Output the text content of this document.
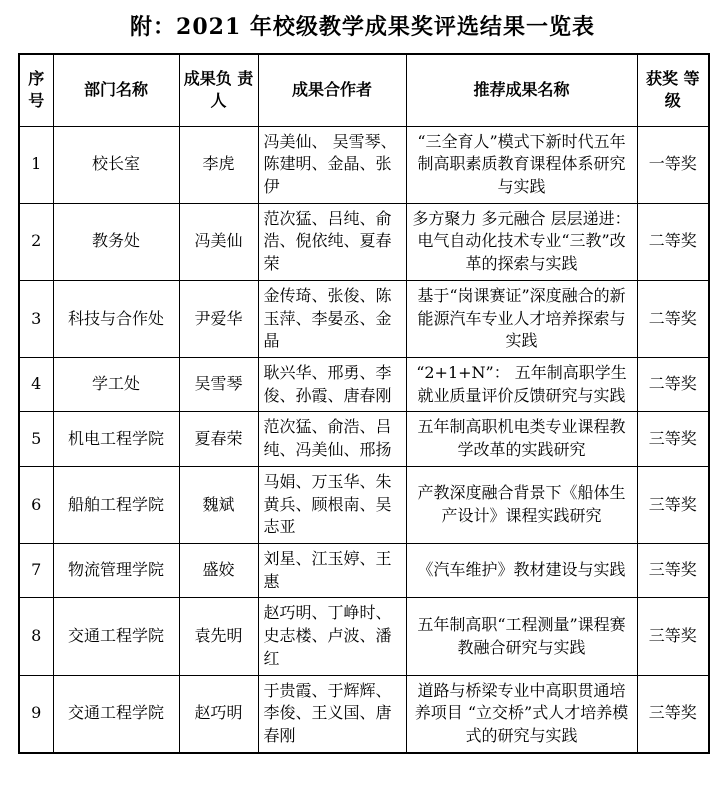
附：2021 年校级教学成果奖评选结果一览表
序号	部门名称	成果负 责人	成果合作者	推荐成果名称	获奖 等级
1	校长室	李虎	冯美仙、 吴雪琴、陈建明、金晶、张伊	“三全育人”模式下新时代五年制高职素质教育课程体系研究与实践	一等奖
2	教务处	冯美仙	范次猛、吕纯、俞浩、倪依纯、夏春荣	多方聚力 多元融合 层层递进：电气自动化技术专业“三教”改革的探索与实践	二等奖
3	科技与合作处	尹爱华	金传琦、张俊、陈玉萍、李晏丞、金晶	基于“岗课赛证”深度融合的新能源汽车专业人才培养探索与实践	二等奖
4	学工处	吴雪琴	耿兴华、邢勇、李俊、孙霞、唐春刚	“2+1+N”： 五年制高职学生就业质量评价反馈研究与实践	二等奖
5	机电工程学院	夏春荣	范次猛、俞浩、吕纯、冯美仙、邢扬	五年制高职机电类专业课程教学改革的实践研究	三等奖
6	船舶工程学院	魏斌	马娟、万玉华、朱黄兵、顾根南、吴志亚	产教深度融合背景下《船体生产设计》课程实践研究	三等奖
7	物流管理学院	盛姣	刘星、江玉婷、王惠	《汽车维护》教材建设与实践	三等奖
8	交通工程学院	袁先明	赵巧明、丁峥时、史志楼、卢波、潘红	五年制高职“工程测量”课程赛教融合研究与实践	三等奖
9	交通工程学院	赵巧明	于贵霞、于辉辉、李俊、王义国、唐春刚	道路与桥梁专业中高职贯通培养项目 “立交桥”式人才培养模式的研究与实践	三等奖
